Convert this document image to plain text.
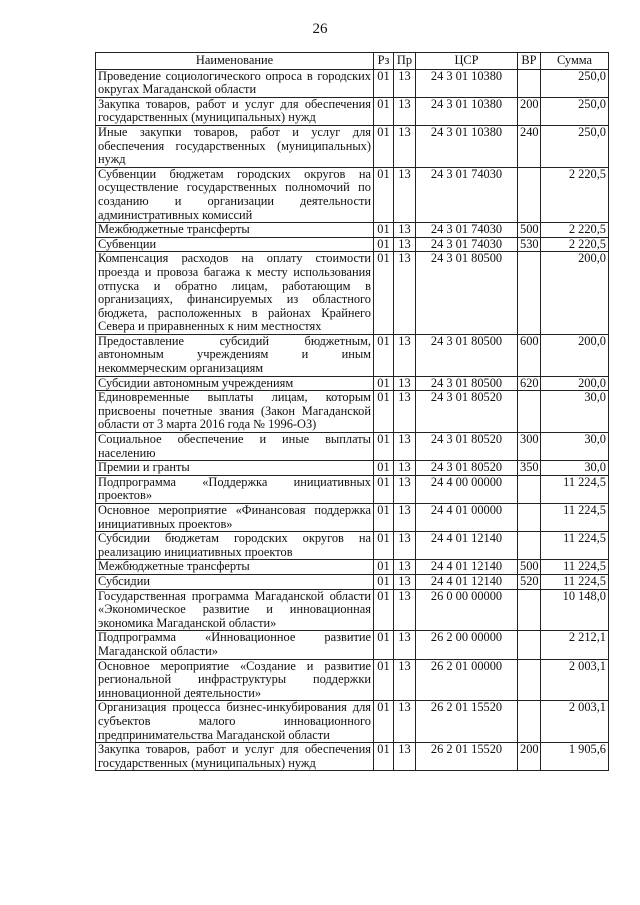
26
Наименование	Рз	Пр	ЦСР	ВР	Сумма
Проведение социологического опроса в городских округах Магаданской области	01	13	24 3 01 10380		250,0
Закупка товаров, работ и услуг для обеспечения государственных (муниципальных) нужд	01	13	24 3 01 10380	200	250,0
Иные закупки товаров, работ и услуг для обеспечения государственных (муниципальных) нужд	01	13	24 3 01 10380	240	250,0
Субвенции бюджетам городских округов на осуществление государственных полномочий по созданию и организации деятельности административных комиссий	01	13	24 3 01 74030		2 220,5
Межбюджетные трансферты	01	13	24 3 01 74030	500	2 220,5
Субвенции	01	13	24 3 01 74030	530	2 220,5
Компенсация расходов на оплату стоимости проезда и провоза багажа к месту использования отпуска и обратно лицам, работающим в организациях, финансируемых из областного бюджета, расположенных в районах Крайнего Севера и приравненных к ним местностях	01	13	24 3 01 80500		200,0
Предоставление субсидий бюджетным, автономным учреждениям и иным некоммерческим организациям	01	13	24 3 01 80500	600	200,0
Субсидии автономным учреждениям	01	13	24 3 01 80500	620	200,0
Единовременные выплаты лицам, которым присвоены почетные звания (Закон Магаданской области от 3 марта 2016 года № 1996-ОЗ)	01	13	24 3 01 80520		30,0
Социальное обеспечение и иные выплаты населению	01	13	24 3 01 80520	300	30,0
Премии и гранты	01	13	24 3 01 80520	350	30,0
Подпрограмма «Поддержка инициативных проектов»	01	13	24 4 00 00000		11 224,5
Основное мероприятие «Финансовая поддержка инициативных проектов»	01	13	24 4 01 00000		11 224,5
Субсидии бюджетам городских округов на реализацию инициативных проектов	01	13	24 4 01 12140		11 224,5
Межбюджетные трансферты	01	13	24 4 01 12140	500	11 224,5
Субсидии	01	13	24 4 01 12140	520	11 224,5
Государственная программа Магаданской области «Экономическое развитие и инновационная экономика Магаданской области»	01	13	26 0 00 00000		10 148,0
Подпрограмма «Инновационное развитие Магаданской области»	01	13	26 2 00 00000		2 212,1
Основное мероприятие «Создание и развитие региональной инфраструктуры поддержки инновационной деятельности»	01	13	26 2 01 00000		2 003,1
Организация процесса бизнес-инкубирования для субъектов малого инновационного предпринимательства Магаданской области	01	13	26 2 01 15520		2 003,1
Закупка товаров, работ и услуг для обеспечения государственных (муниципальных) нужд	01	13	26 2 01 15520	200	1 905,6
